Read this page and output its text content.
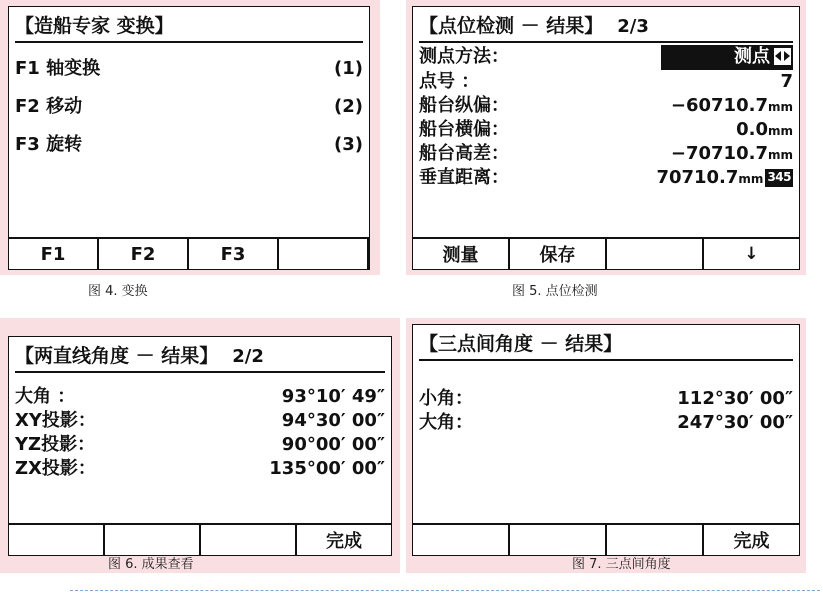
【造船专家 变换】
F1 轴变换	(1)
F2 移动	(2)
F3 旋转	(3)
F1	F2	F3
图 4. 变换
【点位检测 － 结果】 2/3
测点方法：	测点
点号 ：	7
船台纵偏：	−60710.7mm
船台横偏：	0.0mm
船台高差：	−70710.7mm
垂直距离：	70710.7mm 345
测量	保存	↓
图 5. 点位检测
【两直线角度 － 结果】 2/2
大角 ：	93°10′ 49″
XY投影：	94°30′ 00″
YZ投影：	90°00′ 00″
ZX投影：	135°00′ 00″
完成
图 6. 成果查看
【三点间角度 － 结果】
小角：	112°30′ 00″
大角：	247°30′ 00″
完成
图 7. 三点间角度
